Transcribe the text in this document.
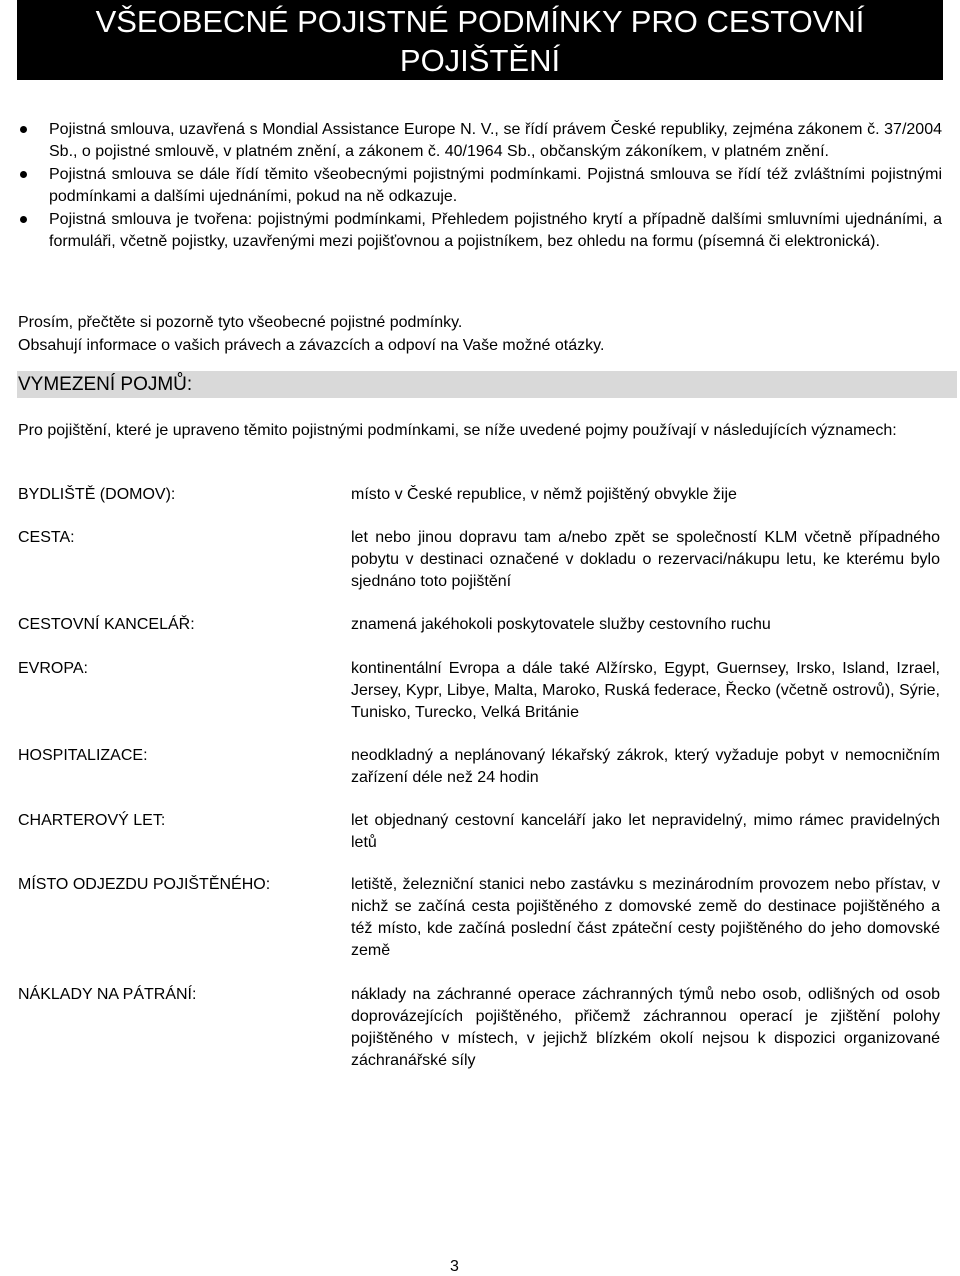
VŠEOBECNÉ POJISTNÉ PODMÍNKY PRO CESTOVNÍ
POJIŠTĚNÍ
Pojistná smlouva, uzavřená s Mondial Assistance Europe N. V., se řídí právem České republiky, zejména zákonem č. 37/2004 Sb., o pojistné smlouvě, v platném znění, a zákonem č. 40/1964 Sb., občanským zákoníkem, v platném znění.
Pojistná smlouva se dále řídí těmito všeobecnými pojistnými podmínkami. Pojistná smlouva se řídí též zvláštními pojistnými podmínkami a dalšími ujednáními, pokud na ně odkazuje.
Pojistná smlouva je tvořena: pojistnými podmínkami, Přehledem pojistného krytí a případně dalšími smluvními ujednáními, a formuláři, včetně pojistky, uzavřenými mezi pojišťovnou a pojistníkem, bez ohledu na formu (písemná či elektronická).

Prosím, přečtěte si pozorně tyto všeobecné pojistné podmínky.

Obsahují informace o vašich právech a závazcích a odpoví na Vaše možné otázky.

VYMEZENÍ POJMŮ:

Pro pojištění, které je upraveno těmito pojistnými podmínkami, se níže uvedené pojmy používají v následujících významech:

BYDLIŠTĚ (DOMOV):	místo v České republice, v němž pojištěný obvykle žije
CESTA:	let nebo jinou dopravu tam a/nebo zpět se společností KLM včetně případného pobytu v destinaci označené v dokladu o rezervaci/nákupu letu, ke kterému bylo sjednáno toto pojištění
CESTOVNÍ KANCELÁŘ:	znamená jakéhokoli poskytovatele služby cestovního ruchu
EVROPA:	kontinentální Evropa a dále také Alžírsko, Egypt, Guernsey, Irsko, Island, Izrael, Jersey, Kypr, Libye, Malta, Maroko, Ruská federace, Řecko (včetně ostrovů), Sýrie, Tunisko, Turecko, Velká Británie
HOSPITALIZACE:	neodkladný a neplánovaný lékařský zákrok, který vyžaduje pobyt v nemocničním zařízení déle než 24 hodin
CHARTEROVÝ LET:	let objednaný cestovní kanceláří jako let nepravidelný, mimo rámec pravidelných letů
MÍSTO ODJEZDU POJIŠTĚNÉHO:	letiště, železniční stanici nebo zastávku s mezinárodním provozem nebo přístav, v nichž se začíná cesta pojištěného z domovské země do destinace pojištěného a též místo, kde začíná poslední část zpáteční cesty pojištěného do jeho domovské země
NÁKLADY NA PÁTRÁNÍ:	náklady na záchranné operace záchranných týmů nebo osob, odlišných od osob doprovázejících pojištěného, přičemž záchrannou operací je zjištění polohy pojištěného v místech, v jejichž blízkém okolí nejsou k dispozici organizované záchranářské síly
3
